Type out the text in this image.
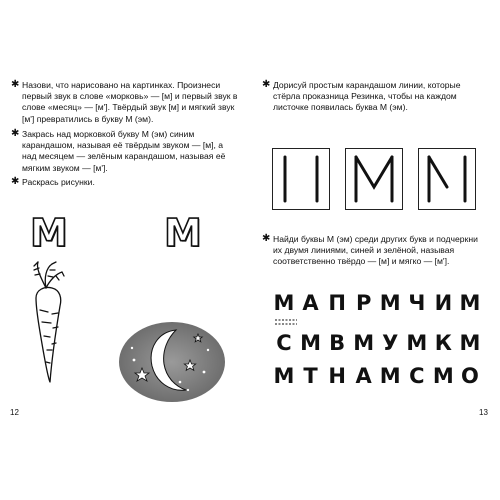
✱ Назови, что нарисовано на картинках. Произнеси первый звук в слове «морковь» — [м] и первый звук в слове «месяц» — [м']. Твёрдый звук [м] и мягкий звук [м'] превратились в букву М (эм).
✱ Закрась над морковкой букву М (эм) синим карандашом, называя её твёрдым звуком — [м], а над месяцем — зелёным карандашом, называя её мягким звуком — [м'].
✱ Раскрась рисунки.
М	М
12
✱ Дорисуй простым карандашом линии, которые стёрла проказница Резинка, чтобы на каждом листочке появилась буква М (эм).
✱ Найди буквы М (эм) среди других букв и подчеркни их двумя линиями, синей и зелёной, называя соответственно твёрдо — [м] и мягко — [м'].
М А П Р М Ч И М
С М В М У М К М
М Т Н А М С М О
13
